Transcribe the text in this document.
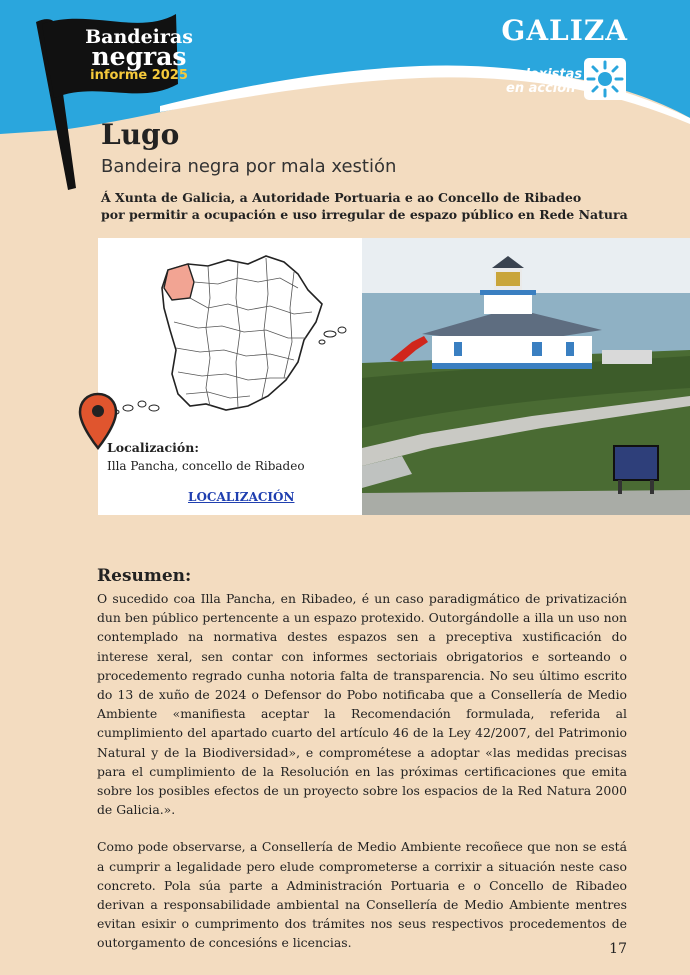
GALIZA
ecoloxistas
en acción
Bandeiras
negras
informe 2025
Lugo
Bandeira negra por mala xestión
Á Xunta de Galicia, a Autoridade Portuaria e ao Concello de Ribadeo
por permitir a ocupación e uso irregular de espazo público en Rede Natura
Localización:
Illa Pancha, concello de Ribadeo
LOCALIZACIÓN
Resumen:

O sucedido coa Illa Pancha, en Ribadeo, é un caso paradigmático de privatización dun ben público pertencente a un espazo protexido. Outorgándolle a illa un uso non contemplado na normativa destes espazos sen a preceptiva xustificación do interese xeral, sen contar con informes sectoriais obrigatorios e sorteando o procedemento regrado cunha notoria falta de transparencia. No seu último escrito do 13 de xuño de 2024 o Defensor do Pobo notificaba que a Consellería de Medio Ambiente «manifiesta aceptar la Recomendación formulada, referida al cumplimiento del apartado cuarto del artículo 46 de la Ley 42/2007, del Patrimonio Natural y de la Biodiversidad», e comprométese a adoptar «las medidas precisas para el cumplimiento de la Resolución en las próximas certificaciones que emita sobre los posibles efectos de un proyecto sobre los espacios de la Red Natura 2000 de Galicia.».

Como pode observarse, a Consellería de Medio Ambiente recoñece que non se está a cumprir a legalidade pero elude comprometerse a corrixir a situación neste caso concreto. Pola súa parte a Administración Portuaria e o Concello de Ribadeo derivan a responsabilidade ambiental na Consellería de Medio Ambiente mentres evitan esixir o cumprimento dos trámites nos seus respectivos procedementos de outorgamento de concesións e licencias.	17
